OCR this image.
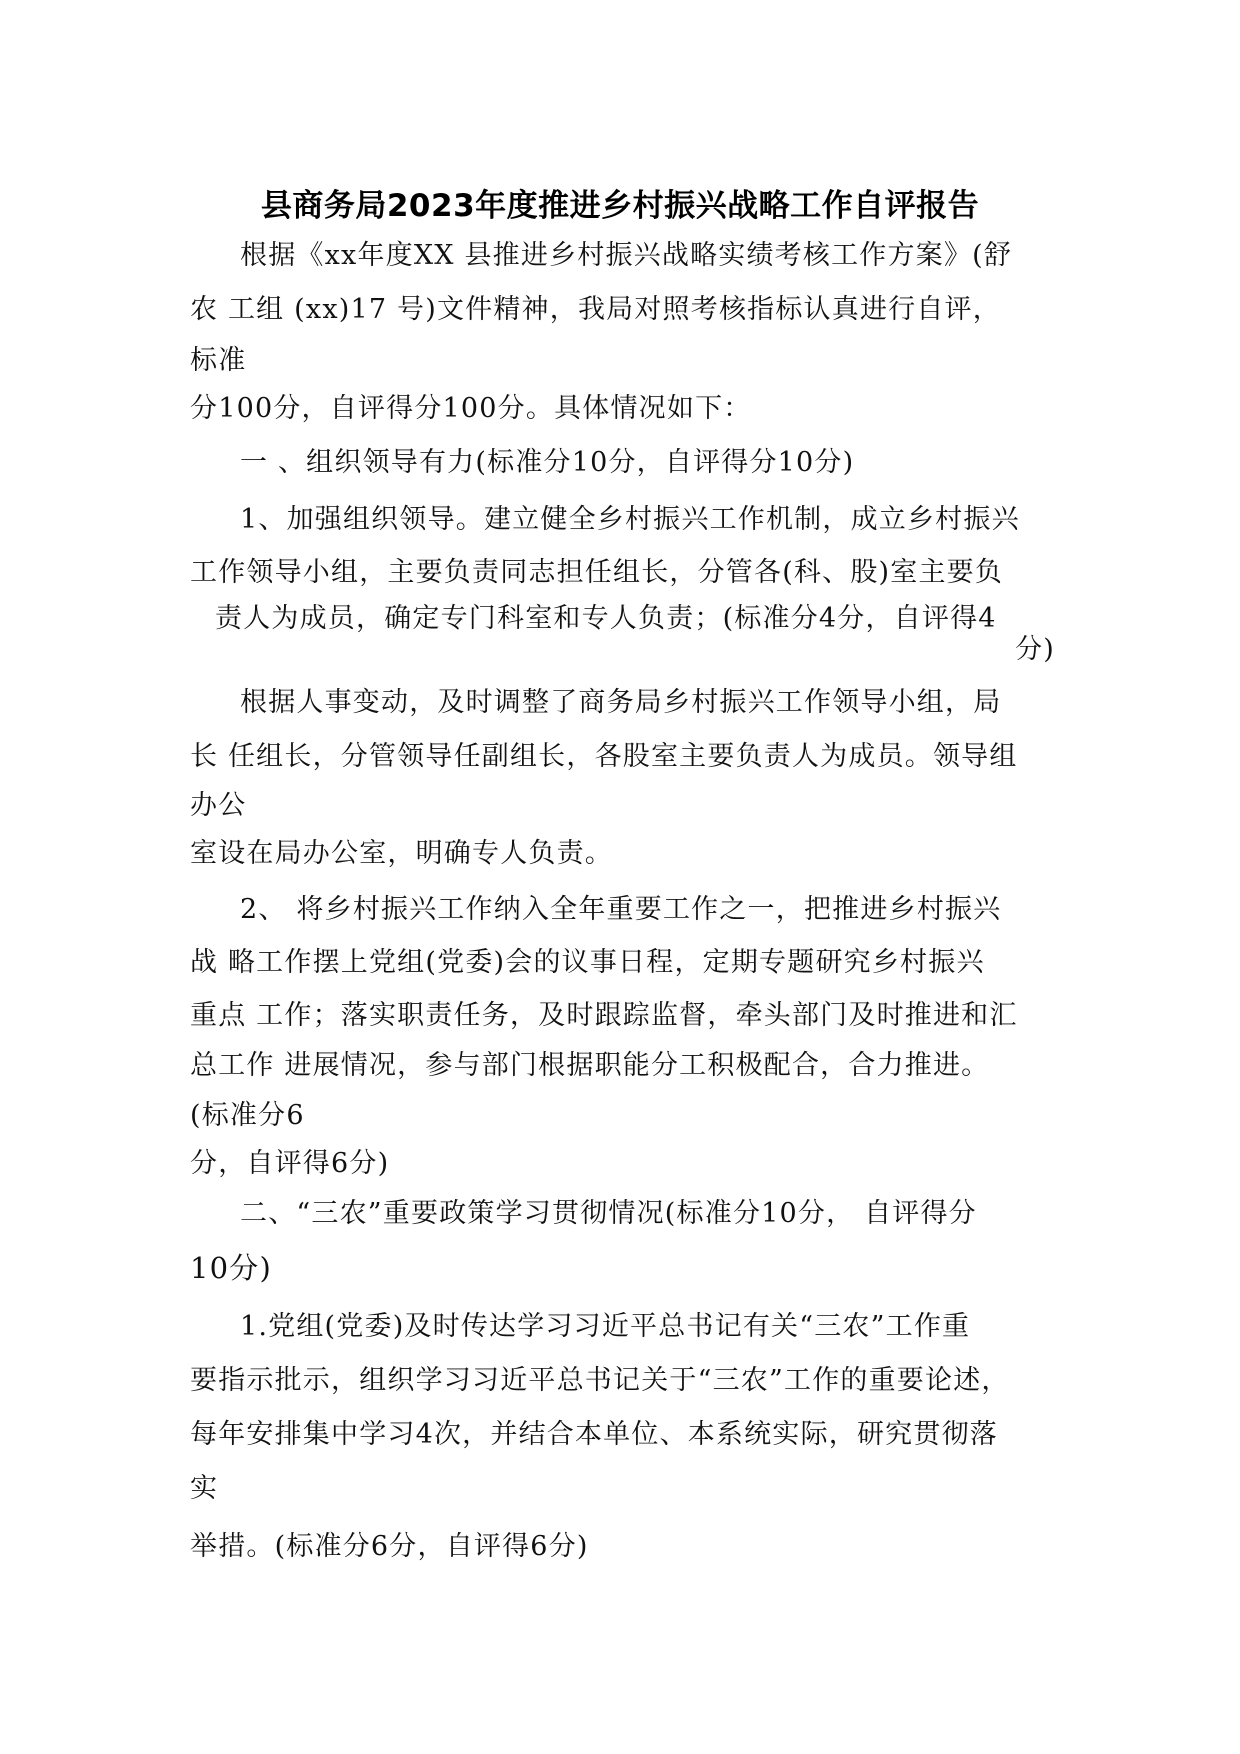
县商务局2023年度推进乡村振兴战略工作自评报告
根据《xx年度XX 县推进乡村振兴战略实绩考核工作方案》(舒
农 工组 (xx)17 号)文件精神，我局对照考核指标认真进行自评，
标准
分100分，自评得分100分。具体情况如下：
一 、组织领导有力(标准分10分，自评得分10分)
1、加强组织领导。建立健全乡村振兴工作机制，成立乡村振兴
工作领导小组，主要负责同志担任组长，分管各(科、股)室主要负
责人为成员，确定专门科室和专人负责；(标准分4分，自评得4
分)
根据人事变动，及时调整了商务局乡村振兴工作领导小组，局
长 任组长，分管领导任副组长，各股室主要负责人为成员。领导组
办公
室设在局办公室，明确专人负责。
2、 将乡村振兴工作纳入全年重要工作之一，把推进乡村振兴
战 略工作摆上党组(党委)会的议事日程，定期专题研究乡村振兴
重点 工作；落实职责任务，及时跟踪监督，牵头部门及时推进和汇
总工作 进展情况，参与部门根据职能分工积极配合，合力推进。
(标准分6
分，自评得6分)
二、“三农”重要政策学习贯彻情况(标准分10分， 自评得分
10分)
1.党组(党委)及时传达学习习近平总书记有关“三农”工作重
要指示批示，组织学习习近平总书记关于“三农”工作的重要论述，
每年安排集中学习4次，并结合本单位、本系统实际，研究贯彻落
实
举措。(标准分6分，自评得6分)
